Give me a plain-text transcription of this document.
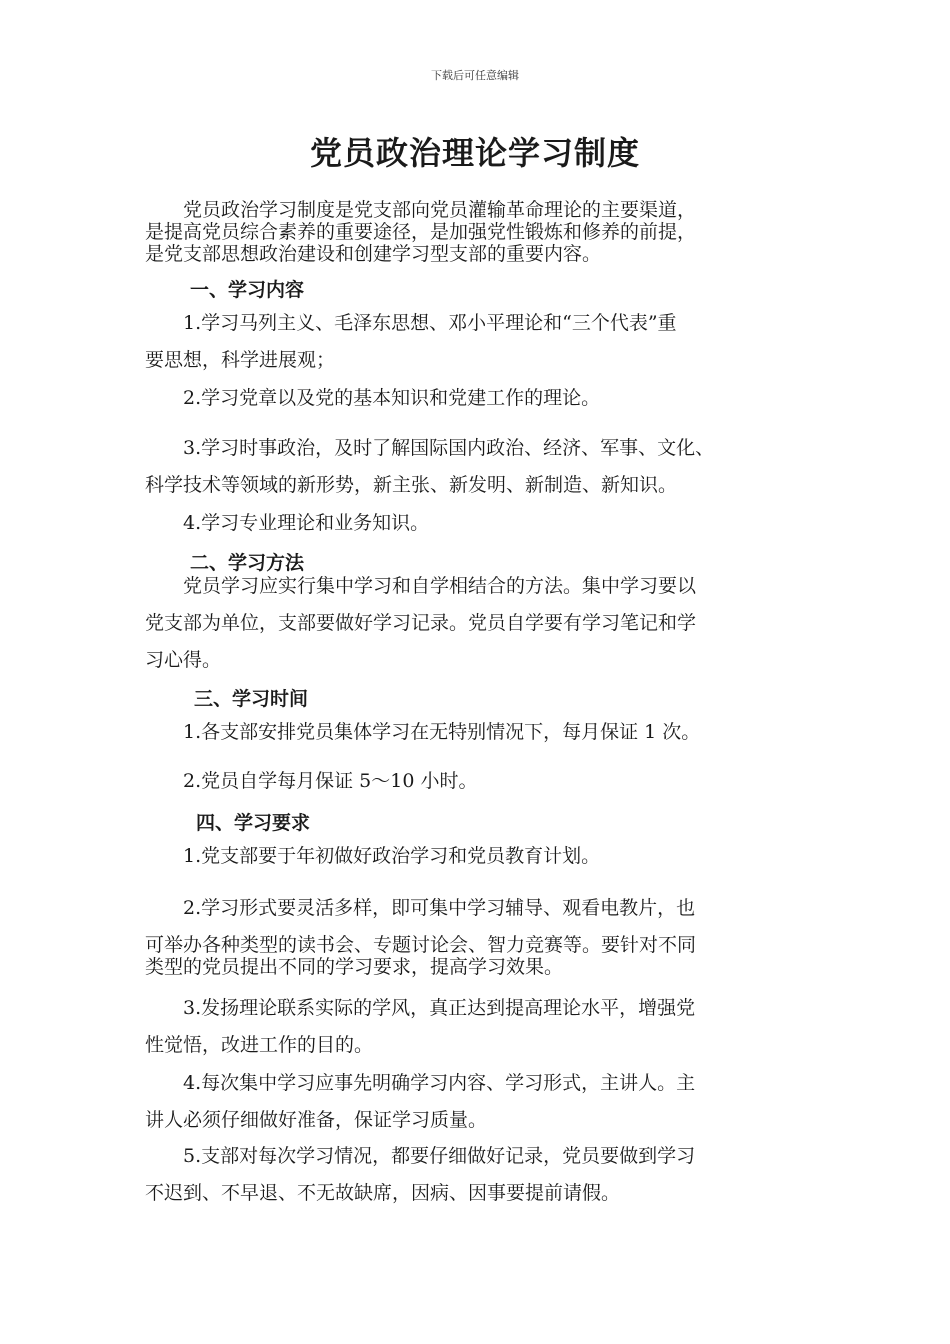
下载后可任意编辑
党员政治理论学习制度
　　党员政治学习制度是党支部向党员灌输革命理论的主要渠道，
是提高党员综合素养的重要途径，是加强党性锻炼和修养的前提，
是党支部思想政治建设和创建学习型支部的重要内容。
一、学习内容
　　1.学习马列主义、毛泽东思想、邓小平理论和“三个代表”重
要思想，科学进展观；
　　2.学习党章以及党的基本知识和党建工作的理论。
　　3.学习时事政治，及时了解国际国内政治、经济、军事、文化、
科学技术等领域的新形势，新主张、新发明、新制造、新知识。
　　4.学习专业理论和业务知识。
二、学习方法
　　党员学习应实行集中学习和自学相结合的方法。集中学习要以
党支部为单位，支部要做好学习记录。党员自学要有学习笔记和学
习心得。
三、学习时间
　　1.各支部安排党员集体学习在无特别情况下，每月保证 1 次。
　　2.党员自学每月保证 5～10 小时。
四、学习要求
　　1.党支部要于年初做好政治学习和党员教育计划。
　　2.学习形式要灵活多样，即可集中学习辅导、观看电教片，也
可举办各种类型的读书会、专题讨论会、智力竞赛等。要针对不同
类型的党员提出不同的学习要求，提高学习效果。
　　3.发扬理论联系实际的学风，真正达到提高理论水平，增强党
性觉悟，改进工作的目的。
　　4.每次集中学习应事先明确学习内容、学习形式，主讲人。主
讲人必须仔细做好准备，保证学习质量。
　　5.支部对每次学习情况，都要仔细做好记录，党员要做到学习
不迟到、不早退、不无故缺席，因病、因事要提前请假。
